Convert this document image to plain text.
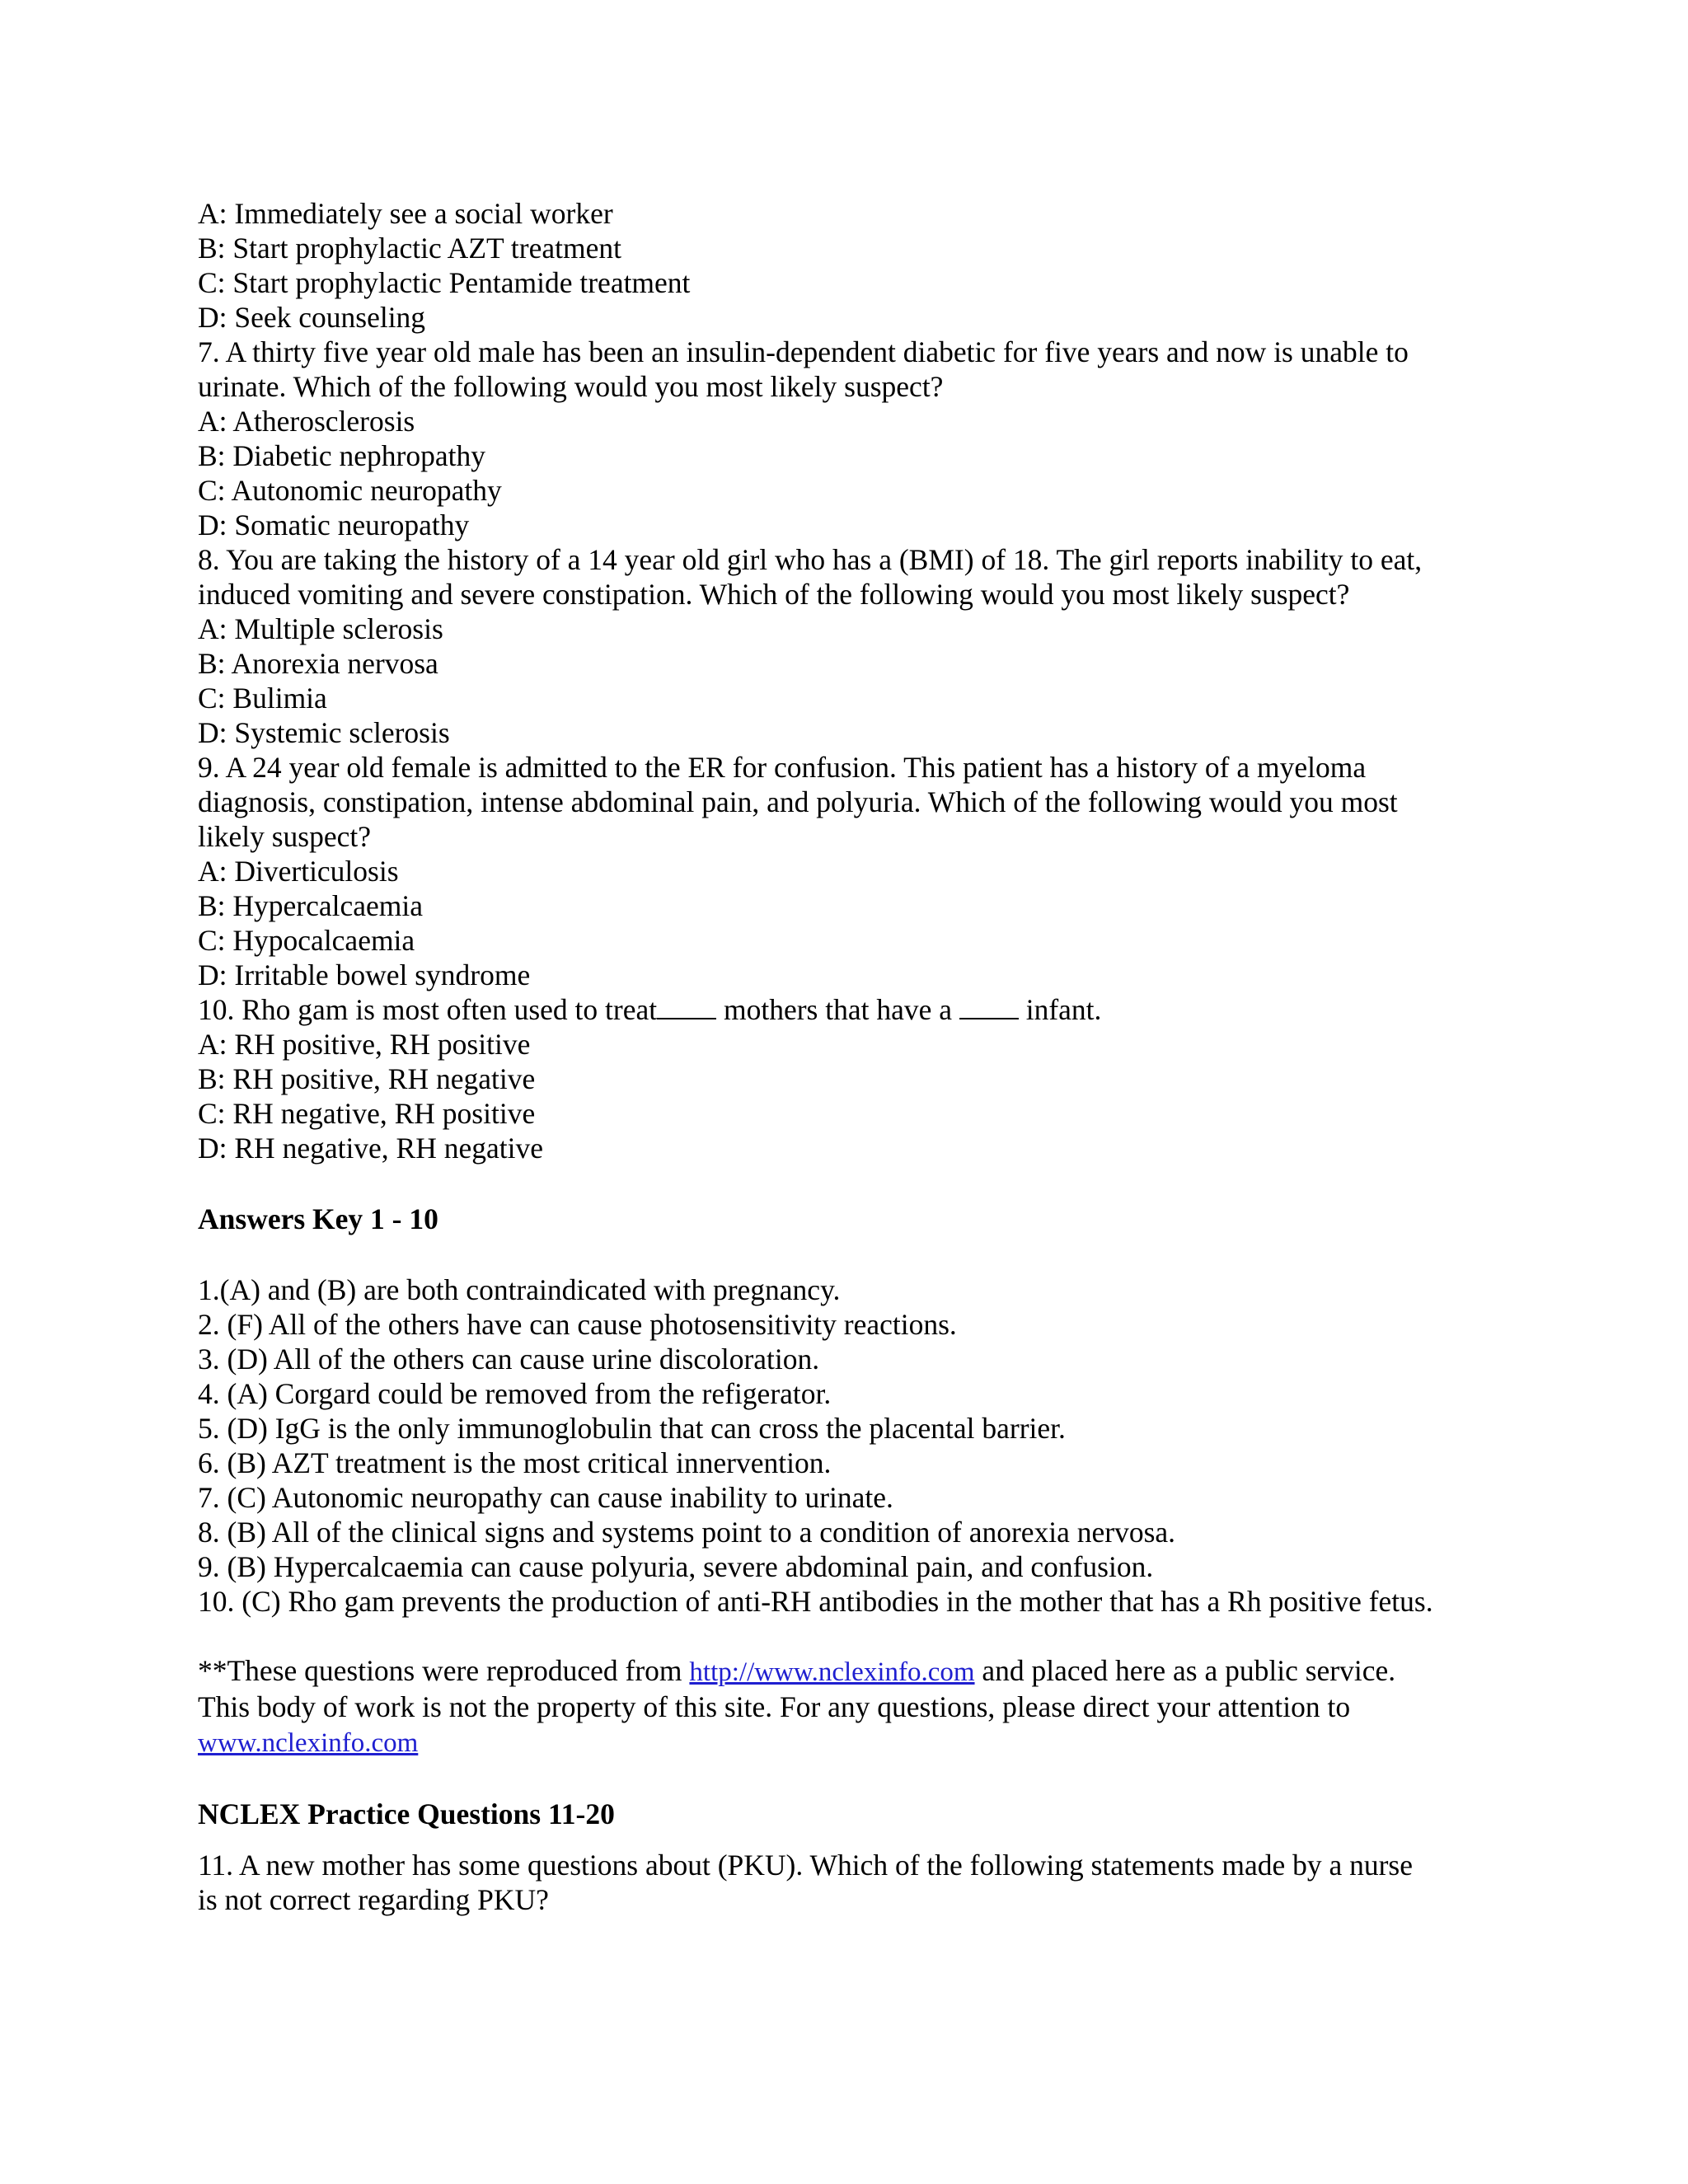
A: Immediately see a social worker
B: Start prophylactic AZT treatment
C: Start prophylactic Pentamide treatment
D: Seek counseling
7. A thirty five year old male has been an insulin-dependent diabetic for five years and now is unable to
urinate. Which of the following would you most likely suspect?
A: Atherosclerosis
B: Diabetic nephropathy
C: Autonomic neuropathy
D: Somatic neuropathy
8. You are taking the history of a 14 year old girl who has a (BMI) of 18. The girl reports inability to eat,
induced vomiting and severe constipation. Which of the following would you most likely suspect?
A: Multiple sclerosis
B: Anorexia nervosa
C: Bulimia
D: Systemic sclerosis
9. A 24 year old female is admitted to the ER for confusion. This patient has a history of a myeloma
diagnosis, constipation, intense abdominal pain, and polyuria. Which of the following would you most
likely suspect?
A: Diverticulosis
B: Hypercalcaemia
C: Hypocalcaemia
D: Irritable bowel syndrome
10. Rho gam is most often used to treat mothers that have a  infant.
A: RH positive, RH positive
B: RH positive, RH negative
C: RH negative, RH positive
D: RH negative, RH negative
Answers Key 1 - 10
1.(A) and (B) are both contraindicated with pregnancy.
2. (F) All of the others have can cause photosensitivity reactions.
3. (D) All of the others can cause urine discoloration.
4. (A) Corgard could be removed from the refigerator.
5. (D) IgG is the only immunoglobulin that can cross the placental barrier.
6. (B) AZT treatment is the most critical innervention.
7. (C) Autonomic neuropathy can cause inability to urinate.
8. (B) All of the clinical signs and systems point to a condition of anorexia nervosa.
9. (B) Hypercalcaemia can cause polyuria, severe abdominal pain, and confusion.
10. (C) Rho gam prevents the production of anti-RH antibodies in the mother that has a Rh positive fetus.
**These questions were reproduced from http://www.nclexinfo.com and placed here as a public service.
This body of work is not the property of this site. For any questions, please direct your attention to
www.nclexinfo.com
NCLEX Practice Questions 11-20
11. A new mother has some questions about (PKU). Which of the following statements made by a nurse
is not correct regarding PKU?
